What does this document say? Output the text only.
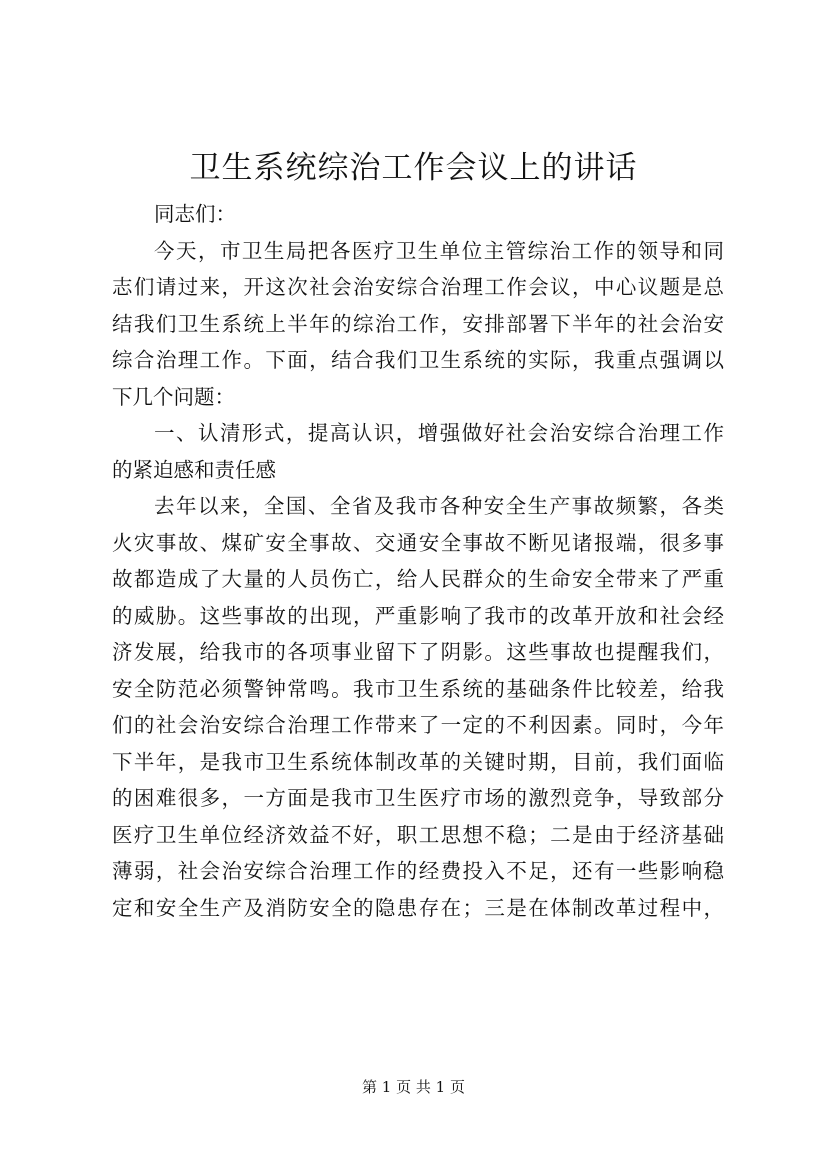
卫生系统综治工作会议上的讲话
同志们：
今天，市卫生局把各医疗卫生单位主管综治工作的领导和同
志们请过来，开这次社会治安综合治理工作会议，中心议题是总
结我们卫生系统上半年的综治工作，安排部署下半年的社会治安
综合治理工作。下面，结合我们卫生系统的实际，我重点强调以
下几个问题：
一、认清形式，提高认识，增强做好社会治安综合治理工作
的紧迫感和责任感
去年以来，全国、全省及我市各种安全生产事故频繁，各类
火灾事故、煤矿安全事故、交通安全事故不断见诸报端，很多事
故都造成了大量的人员伤亡，给人民群众的生命安全带来了严重
的威胁。这些事故的出现，严重影响了我市的改革开放和社会经
济发展，给我市的各项事业留下了阴影。这些事故也提醒我们，
安全防范必须警钟常鸣。我市卫生系统的基础条件比较差，给我
们的社会治安综合治理工作带来了一定的不利因素。同时，今年
下半年，是我市卫生系统体制改革的关键时期，目前，我们面临
的困难很多，一方面是我市卫生医疗市场的激烈竞争，导致部分
医疗卫生单位经济效益不好，职工思想不稳；二是由于经济基础
薄弱，社会治安综合治理工作的经费投入不足，还有一些影响稳
定和安全生产及消防安全的隐患存在；三是在体制改革过程中，
第 1 页 共 1 页
